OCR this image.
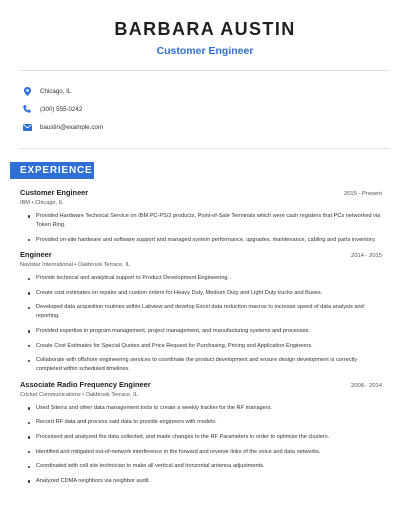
BARBARA AUSTIN
Customer Engineer
Chicago, IL
(300) 555-0242
baustin@example.com
EXPERIENCE
Customer Engineer	2015 - Present
IBM • Chicago, IL
Provided Hardware Technical Service on IBM PC-PS/2 products, Point-of-Sale Terminals which were cash registers that PCs networked via Token Ring.
Provided on-site hardware and software support and managed system performance, upgrades, maintenance, cabling and parts inventory.
Engineer	2014 - 2015
Navistar International • Oakbrook Terrace, IL
Provide technical and analytical support to Product Development Engineering.
Create cost estimates on repairs and custom orders for Heavy Duty, Medium Duty and Light Duty trucks and Buses.
Developed data acquisition routines within Labview and develop Excel data reduction macros to increase speed of data analysis and reporting.
Provided expertise in program management, project management, and manufacturing systems and processes.
Create Cost Estimates for Special Quotes and Price Request for Purchasing, Pricing and Application Engineers.
Collaborate with offshore engineering services to coordinate the product development and ensure design development is correctly completed within scheduled timelines.
Associate Radio Frequency Engineer	2008 - 2014
Cricket Communications • Oakbrook Terrace, IL
Used Siterra and other data management tools to create a weekly tracker for the RF managers.
Record RF data and process said data to provide engineers with models.
Processed and analyzed the data collected, and made changes to the RF Parameters in order to optimize the clusters.
Identified and mitigated out-of-network interference in the forward and reverse links of the voice and data networks.
Coordinated with cell site technician to make all vertical and horizontal antenna adjustments.
Analyzed CDMA neighbors via neighbor audit.
